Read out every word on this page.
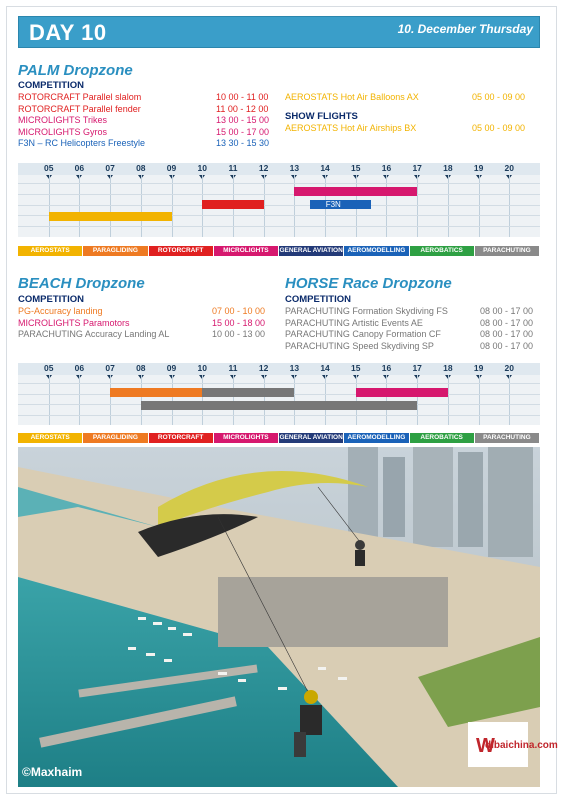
DAY 10	10. December Thursday
PALM Dropzone
COMPETITION
ROTORCRAFT Parallel slalom	10 00 - 11 00
ROTORCRAFT Parallel fender	11 00 - 12 00
MICROLIGHTS Trikes	13 00 - 15 00
MICROLIGHTS Gyros	15 00 - 17 00
F3N – RC Helicopters Freestyle	13 30 - 15 30
AEROSTATS Hot Air Balloons AX	05 00 - 09 00
SHOW FLIGHTS
AEROSTATS Hot Air Airships BX	05 00 - 09 00
05	06	07	08	09	10	11	12	13	14	15	16	17	18	19	20
F3N
AEROSTATS	PARAGLIDING	ROTORCRAFT	MICROLIGHTS	GENERAL AVIATION AEROMODELLING	AEROBATICS	PARACHUTING
BEACH Dropzone
COMPETITION
PG-Accuracy landing	07 00 - 10 00
MICROLIGHTS Paramotors	15 00 - 18 00
PARACHUTING Accuracy Landing AL	10 00 - 13 00
HORSE Race Dropzone
COMPETITION
PARACHUTING Formation Skydiving FS	08 00 - 17 00
PARACHUTING Artistic Events AE	08 00 - 17 00
PARACHUTING Canopy Formation CF	08 00 - 17 00
PARACHUTING Speed Skydiving SP	08 00 - 17 00
05	06	07	08	09	10	11	12	13	14	15	16	17	18	19	20
AEROSTATS	PARAGLIDING	ROTORCRAFT	MICROLIGHTS	GENERAL AVIATION AEROMODELLING	AEROBATICS	PARACHUTING
W
©Maxhaim
dibaichina.com
